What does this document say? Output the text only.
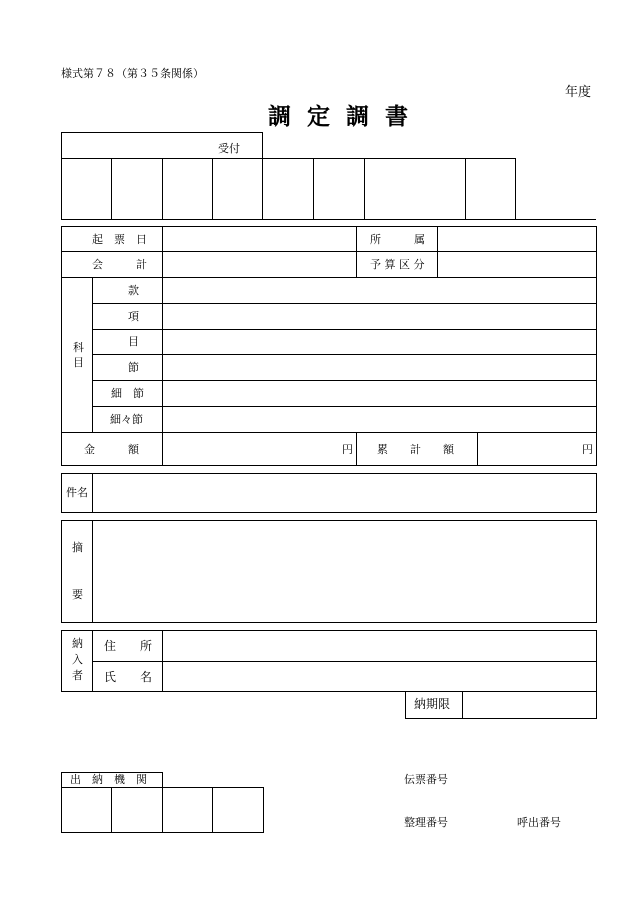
様式第７８（第３５条関係）
年度
調 定 調 書
受付
起　票　日	所　　　属
会　　　計	予 算 区 分
科目
款
項
目
節
細　節
細々節
金　　　額	円 累　　計　　額	円
件名
摘
要
納入者
住　　所
氏　　名
納期限
出　納　機　関	伝票番号
整理番号	呼出番号
